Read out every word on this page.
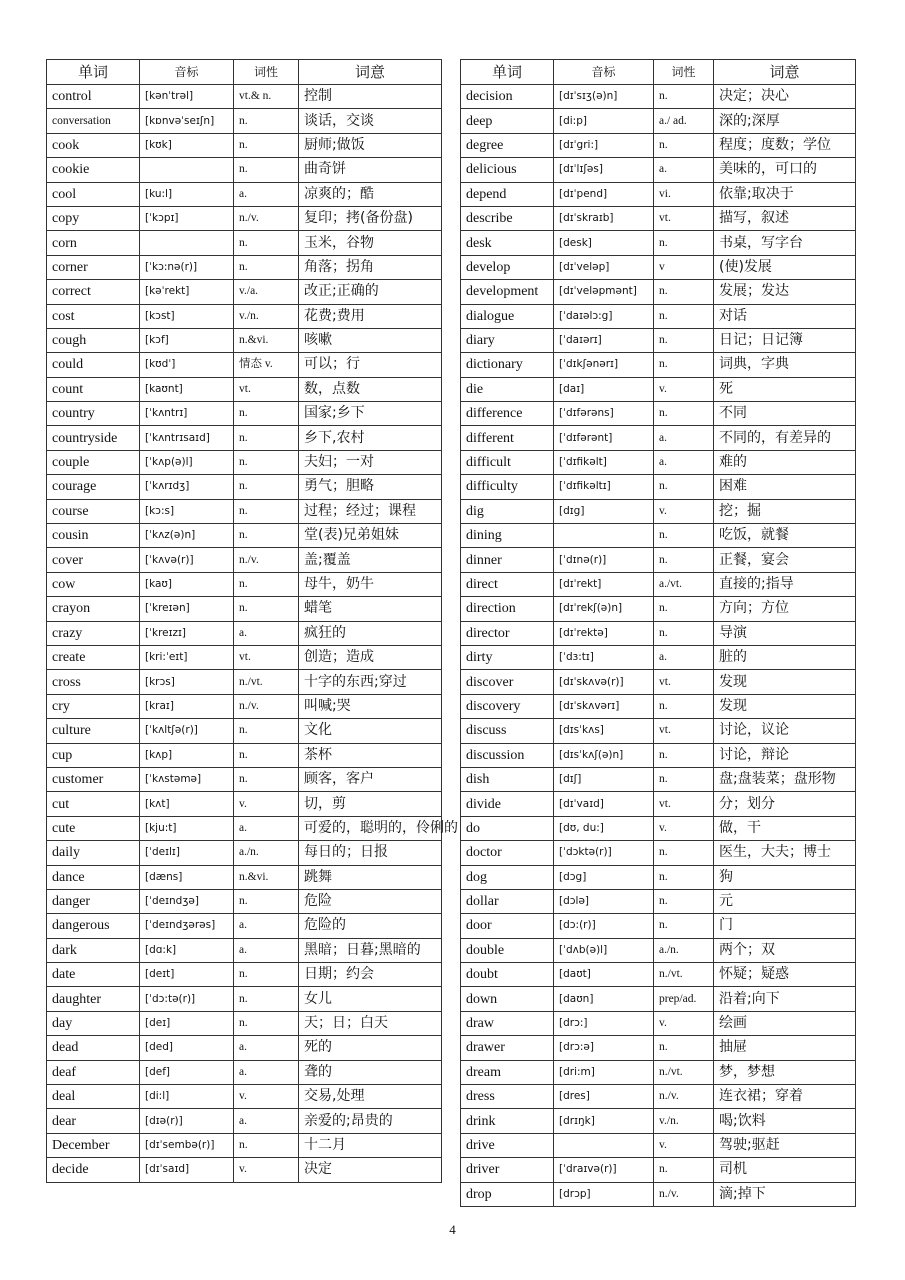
单词	音标	词性	词意
control	[kənˈtrəl]	vt.& n.	控制
conversation	[kɒnvəˈseɪʃn]	n.	谈话，交谈
cook	[kʊk]	n.	厨师;做饭
cookie		n.	曲奇饼
cool	[ku:l]	a.	凉爽的；酷
copy	[ˈkɔpɪ]	n./v.	复印；拷(备份盘)
corn		n.	玉米，谷物
corner	[ˈkɔ:nə(r)]	n.	角落；拐角
correct	[kəˈrekt]	v./a.	改正;正确的
cost	[kɔst]	v./n.	花费;费用
cough	[kɔf]	n.&vi.	咳嗽
could	[kʊdˈ]	情态 v.	可以；行
count	[kaʊnt]	vt.	数，点数
country	[ˈkʌntrɪ]	n.	国家;乡下
countryside	[ˈkʌntrɪsaɪd]	n.	乡下,农村
couple	[ˈkʌp(ə)l]	n.	夫妇；一对
courage	[ˈkʌrɪdʒ]	n.	勇气；胆略
course	[kɔ:s]	n.	过程；经过；课程
cousin	[ˈkʌz(ə)n]	n.	堂(表)兄弟姐妹
cover	[ˈkʌvə(r)]	n./v.	盖;覆盖
cow	[kaʊ]	n.	母牛，奶牛
crayon	[ˈkreɪən]	n.	蜡笔
crazy	[ˈkreɪzɪ]	a.	疯狂的
create	[kri:ˈeɪt]	vt.	创造；造成
cross	[krɔs]	n./vt.	十字的东西;穿过
cry	[kraɪ]	n./v.	叫喊;哭
culture	[ˈkʌltʃə(r)]	n.	文化
cup	[kʌp]	n.	茶杯
customer	[ˈkʌstəmə]	n.	顾客，客户
cut	[kʌt]	v.	切，剪
cute	[kju:t]	a.	可爱的，聪明的，伶俐的
daily	[ˈdeɪlɪ]	a./n.	每日的；日报
dance	[dæns]	n.&vi.	跳舞
danger	[ˈdeɪndʒə]	n.	危险
dangerous	[ˈdeɪndʒərəs]	a.	危险的
dark	[dɑ:k]	a.	黑暗；日暮;黑暗的
date	[deɪt]	n.	日期；约会
daughter	[ˈdɔ:tə(r)]	n.	女儿
day	[deɪ]	n.	天；日；白天
dead	[ded]	a.	死的
deaf	[def]	a.	聋的
deal	[di:l]	v.	交易,处理
dear	[dɪə(r)]	a.	亲爱的;昂贵的
December	[dɪˈsembə(r)]	n.	十二月
decide	[dɪˈsaɪd]	v.	决定
单词	音标	词性	词意
decision	[dɪˈsɪʒ(ə)n]	n.	决定；决心
deep	[di:p]	a./ ad.	深的;深厚
degree	[dɪˈgri:]	n.	程度；度数；学位
delicious	[dɪˈlɪʃəs]	a.	美味的，可口的
depend	[dɪˈpend]	vi.	依靠;取决于
describe	[dɪˈskraɪb]	vt.	描写，叙述
desk	[desk]	n.	书桌，写字台
develop	[dɪˈveləp]	v	(使)发展
development	[dɪˈveləpmənt]	n.	发展；发达
dialogue	[ˈdaɪəlɔ:g]	n.	对话
diary	[ˈdaɪərɪ]	n.	日记；日记簿
dictionary	[ˈdɪkʃənərɪ]	n.	词典，字典
die	[daɪ]	v.	死
difference	[ˈdɪfərəns]	n.	不同
different	[ˈdɪfərənt]	a.	不同的，有差异的
difficult	[ˈdɪfikəlt]	a.	难的
difficulty	[ˈdɪfikəltɪ]	n.	困难
dig	[dɪg]	v.	挖；掘
dining		n.	吃饭，就餐
dinner	[ˈdɪnə(r)]	n.	正餐，宴会
direct	[dɪˈrekt]	a./vt.	直接的;指导
direction	[dɪˈrekʃ(ə)n]	n.	方向；方位
director	[dɪˈrektə]	n.	导演
dirty	[ˈdɜ:tɪ]	a.	脏的
discover	[dɪˈskʌvə(r)]	vt.	发现
discovery	[dɪˈskʌvərɪ]	n.	发现
discuss	[dɪsˈkʌs]	vt.	讨论，议论
discussion	[dɪsˈkʌʃ(ə)n]	n.	讨论，辩论
dish	[dɪʃ]	n.	盘;盘装菜；盘形物
divide	[dɪˈvaɪd]	vt.	分；划分
do	[dʊ, du:]	v.	做，干
doctor	[ˈdɔktə(r)]	n.	医生，大夫；博士
dog	[dɔg]	n.	狗
dollar	[dɔlə]	n.	元
door	[dɔ:(r)]	n.	门
double	[ˈdʌb(ə)l]	a./n.	两个；双
doubt	[daʊt]	n./vt.	怀疑；疑惑
down	[daʊn]	prep/ad.	沿着;向下
draw	[drɔ:]	v.	绘画
drawer	[drɔ:ə]	n.	抽屉
dream	[dri:m]	n./vt.	梦，梦想
dress	[dres]	n./v.	连衣裙；穿着
drink	[drɪŋk]	v./n.	喝;饮料
drive		v.	驾驶;驱赶
driver	[ˈdraɪvə(r)]	n.	司机
drop	[drɔp]	n./v.	滴;掉下
4
